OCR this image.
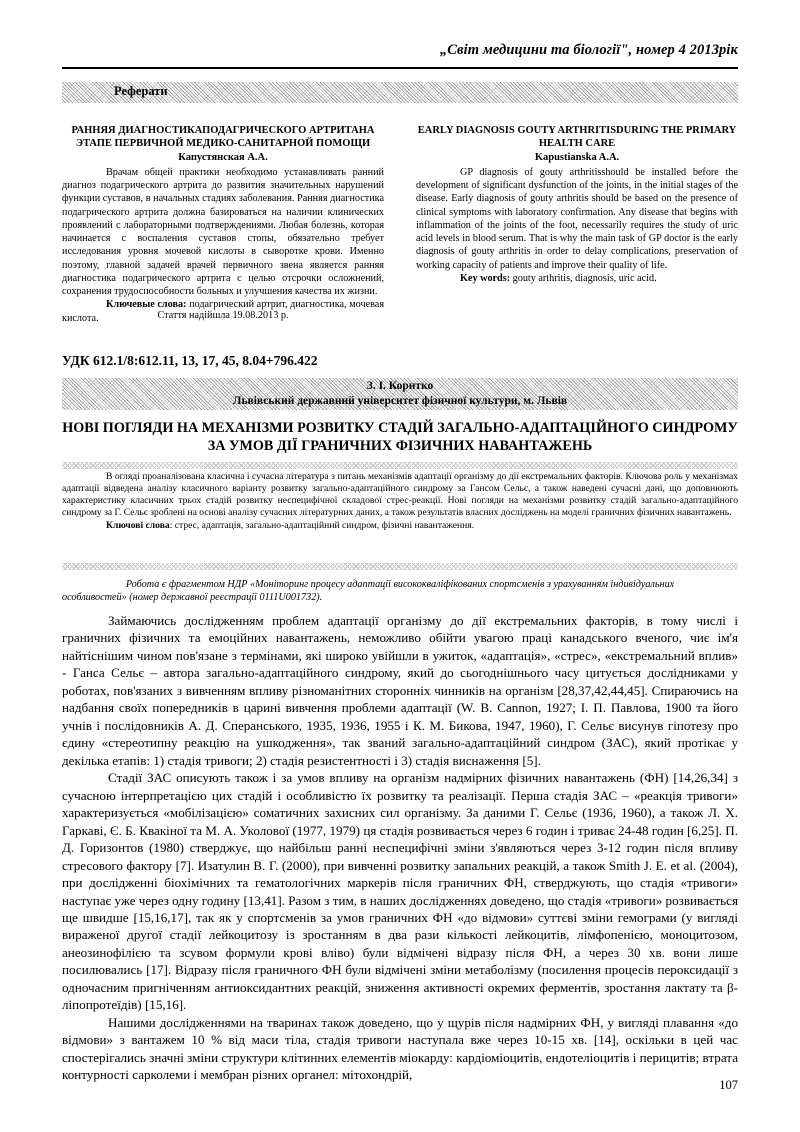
„Світ медицини та біології", номер 4 2013рік
Реферати
РАННЯЯ ДИАГНОСТИКАПОДАГРИЧЕСКОГО АРТРИТАНА ЭТАПЕ ПЕРВИЧНОЙ МЕДИКО-САНИТАРНОЙ ПОМОЩИ
Капустянская А.А.
Врачам общей практики необходимо устанавливать ранний диагноз подагрического артрита до развития значительных нарушений функции суставов, в начальных стадиях заболевания. Ранняя диагностика подагрического артрита должна базироваться на наличии клинических проявлений с лабораторными подтверждениями. Любая болезнь, которая начинается с воспаления суставов стопы, обязательно требует исследования уровня мочевой кислоты в сыворотке крови. Именно поэтому, главной задачей врачей первичного звена является ранняя диагностика подагрического артрита с целью отсрочки осложнений, сохранения трудоспособности больных и улучшения качества их жизни.
Ключевые слова: подагрический артрит, диагностика, мочевая кислота.
EARLY DIAGNOSIS GOUTY ARTHRITISDURING THE PRIMARY HEALTH CARE
Kapustianska A.A.
GP diagnosis of gouty arthritisshould be installed before the development of significant dysfunction of the joints, in the initial stages of the disease. Early diagnosis of gouty arthritis should be based on the presence of clinical symptoms with laboratory confirmation. Any disease that begins with inflammation of the joints of the foot, necessarily requires the study of uric acid levels in blood serum. That is why the main task of GP doctor is the early diagnosis of gouty arthritis in order to delay complications, preservation of working capacity of patients and improve their quality of life.
Key words: gouty arthritis, diagnosis, uric acid.
Стаття надійшла 19.08.2013 р.
УДК 612.1/8:612.11, 13, 17, 45, 8.04+796.422
З. І. Коритко
Львівський державний університет фізичної культури, м. Львів
НОВІ ПОГЛЯДИ НА МЕХАНІЗМИ РОЗВИТКУ СТАДІЙ ЗАГАЛЬНО-АДАПТАЦІЙНОГО СИНДРОМУ ЗА УМОВ ДІЇ ГРАНИЧНИХ ФІЗИЧНИХ НАВАНТАЖЕНЬ

В огляді проаналізована класична і сучасна література з питань механізмів адаптації організму до дії екстремальних факторів. Ключова роль у механізмах адаптації відведена аналізу класичного варіанту розвитку загально-адаптаційного синдрому за Гансом Сельє, а також наведені сучасні дані, що доповнюють характеристику класичних трьох стадій розвитку неспецифічної складової стрес-реакції. Нові погляди на механізми розвитку стадій загально-адаптаційного синдрому за Г. Сельє зроблені на основі аналізу сучасних літературних даних, а також результатів власних досліджень на моделі граничних фізичних навантажень.

Ключові слова: стрес, адаптація, загально-адаптаційний синдром, фізичні навантаження.
Робота є фрагментом НДР «Моніторинг процесу адаптації висококваліфікованих спортсменів з урахуванням індивідуальних
особливостей» (номер державної реєстрації 0111U001732).

Займаючись дослідженням проблем адаптації організму до дії екстремальних факторів, в тому числі і граничних фізичних та емоційних навантажень, неможливо обійти увагою праці канадського вченого, чиє ім'я найтіснішим чином пов'язане з термінами, які широко увійшли в ужиток, «адаптація», «стрес», «екстремальний вплив» - Ганса Сельє – автора загально-адаптаційного синдрому, який до сьогоднішнього часу цитується дослідниками у роботах, пов'язаних з вивченням впливу різноманітних сторонніх чинників на організм [28,37,42,44,45]. Спираючись на надбання своїх попередників в царині вивчення проблеми адаптації (W. B. Cannon, 1927; І. П. Павлова, 1900 та його учнів і послідовників А. Д. Сперанського, 1935, 1936, 1955 і К. М. Бикова, 1947, 1960), Г. Сельє висунув гіпотезу про єдину «стереотипну реакцію на ушкодження», так званий загально-адаптаційний синдром (ЗАС), який протікає у декілька етапів: 1) стадія тривоги; 2) стадія резистентності і 3) стадія виснаження [5].

Стадії ЗАС описують також і за умов впливу на організм надмірних фізичних навантажень (ФН) [14,26,34] з сучасною інтерпретацією цих стадій і особливістю їх розвитку та реалізації. Перша стадія ЗАС – «реакція тривоги» характеризується «мобілізацією» соматичних захисних сил організму. За даними Г. Сельє (1936, 1960), а також Л. Х. Гаркаві, Є. Б. Квакіної та М. А. Уколової (1977, 1979) ця стадія розвивається через 6 годин і триває 24-48 годин [6,25]. П. Д. Горизонтов (1980) стверджує, що найбільш ранні неспецифічні зміни з'являються через 3-12 годин після впливу стресового фактору [7]. Изатулин В. Г. (2000), при вивченні розвитку запальних реакцій, а також Smith J. E. et al. (2004), при дослідженні біохімічних та гематологічних маркерів після граничних ФН, стверджують, що стадія «тривоги» наступає уже через одну годину [13,41]. Разом з тим, в наших дослідженнях доведено, що стадія «тривоги» розвивається ще швидше [15,16,17], так як у спортсменів за умов граничних ФН «до відмови» суттєві зміни гемограми (у вигляді вираженої другої стадії лейкоцитозу із зростанням в два рази кількості лейкоцитів, лімфопенією, моноцитозом, анеозинофілією та зсувом формули крові вліво) були відмічені відразу після ФН, а через 30 хв. вони лише посилювались [17]. Відразу після граничного ФН були відмічені зміни метаболізму (посилення процесів пероксидації з одночасним пригніченням антиоксидантних реакцій, зниження активності окремих ферментів, зростання лактату та β-ліпопротеїдів) [15,16].

Нашими дослідженнями на тваринах також доведено, що у щурів після надмірних ФН, у вигляді плавання «до відмови» з вантажем 10 % від маси тіла, стадія тривоги наступала вже через 10-15 хв. [14], оскільки в цей час спостерігались значні зміни структури клітинних елементів міокарду: кардіоміоцитів, ендотеліоцитів і перицитів; втрата контурності сарколеми і мембран різних органел: мітохондрій,

107
